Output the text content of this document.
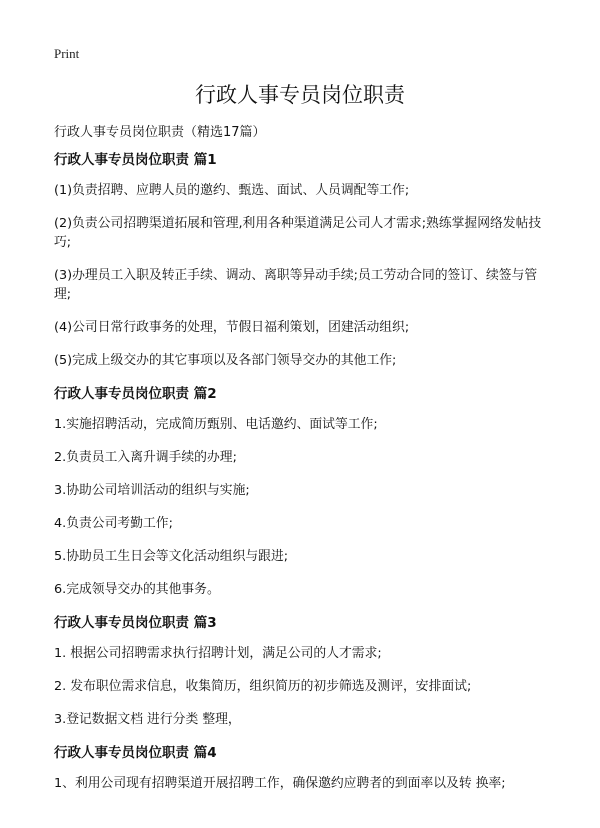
Print
行政人事专员岗位职责

行政人事专员岗位职责（精选17篇）

行政人事专员岗位职责 篇1

(1)负责招聘、应聘人员的邀约、甄选、面试、人员调配等工作;

(2)负责公司招聘渠道拓展和管理,利用各种渠道满足公司人才需求;熟练掌握网络发帖技巧;

(3)办理员工入职及转正手续、调动、离职等异动手续;员工劳动合同的签订、续签与管理;

(4)公司日常行政事务的处理，节假日福利策划，团建活动组织;

(5)完成上级交办的其它事项以及各部门领导交办的其他工作;

行政人事专员岗位职责 篇2

1.实施招聘活动，完成简历甄别、电话邀约、面试等工作;

2.负责员工入离升调手续的办理;

3.协助公司培训活动的组织与实施;

4.负责公司考勤工作;

5.协助员工生日会等文化活动组织与跟进;

6.完成领导交办的其他事务。

行政人事专员岗位职责 篇3

1. 根据公司招聘需求执行招聘计划，满足公司的人才需求;

2. 发布职位需求信息，收集简历，组织简历的初步筛选及测评，安排面试;

3.登记数据文档 进行分类 整理，

行政人事专员岗位职责 篇4

1、利用公司现有招聘渠道开展招聘工作，确保邀约应聘者的到面率以及转 换率;
